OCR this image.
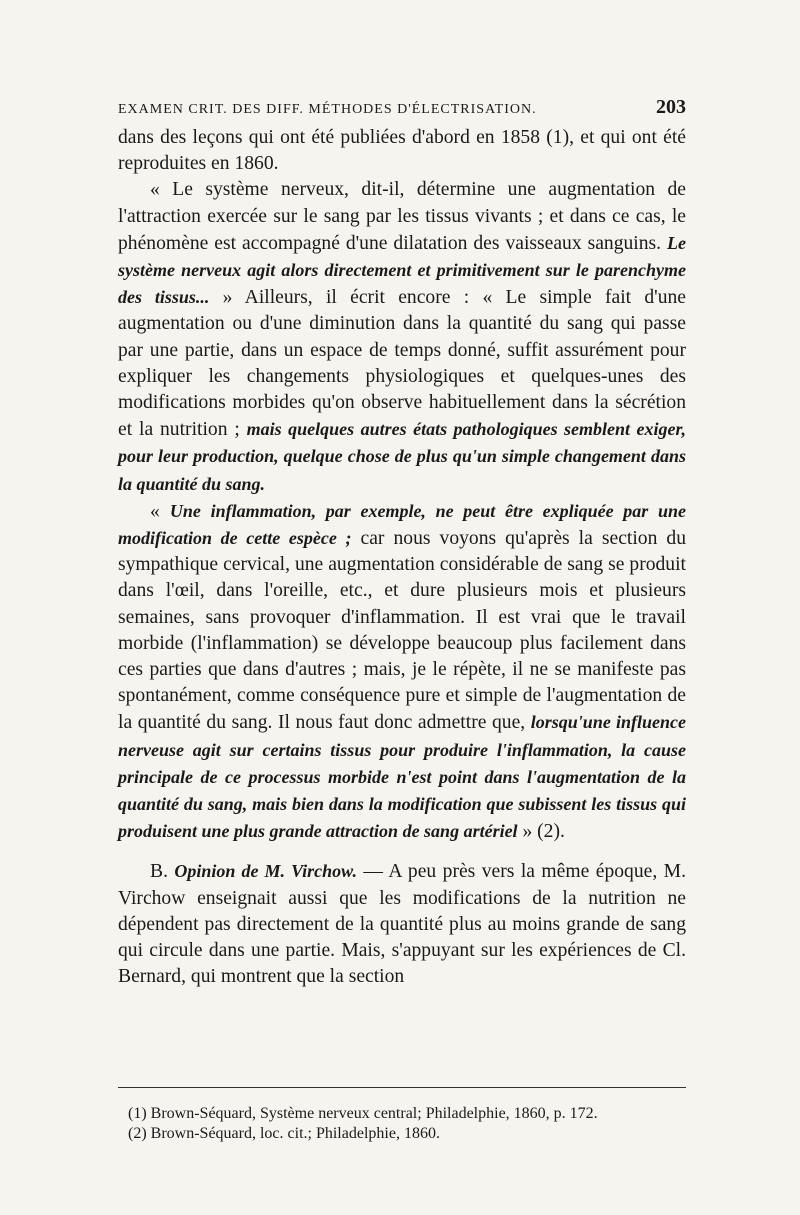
EXAMEN CRIT. DES DIFF. MÉTHODES D'ÉLECTRISATION.	203

dans des leçons qui ont été publiées d'abord en 1858 (1), et qui ont été reproduites en 1860.

« Le système nerveux, dit-il, détermine une augmentation de l'attraction exercée sur le sang par les tissus vivants ; et dans ce cas, le phénomène est accompagné d'une dilatation des vaisseaux sanguins. Le système nerveux agit alors directement et primitivement sur le parenchyme des tissus... » Ailleurs, il écrit encore : « Le simple fait d'une augmentation ou d'une diminution dans la quantité du sang qui passe par une partie, dans un espace de temps donné, suffit assurément pour expliquer les changements physiologiques et quelques-unes des modifications morbides qu'on observe habituellement dans la sécrétion et la nutrition ; mais quelques autres états pathologiques semblent exiger, pour leur production, quelque chose de plus qu'un simple changement dans la quantité du sang.

« Une inflammation, par exemple, ne peut être expliquée par une modification de cette espèce ; car nous voyons qu'après la section du sympathique cervical, une augmentation considérable de sang se produit dans l'œil, dans l'oreille, etc., et dure plusieurs mois et plusieurs semaines, sans provoquer d'inflammation. Il est vrai que le travail morbide (l'inflammation) se développe beaucoup plus facilement dans ces parties que dans d'autres ; mais, je le répète, il ne se manifeste pas spontanément, comme conséquence pure et simple de l'augmentation de la quantité du sang. Il nous faut donc admettre que, lorsqu'une influence nerveuse agit sur certains tissus pour produire l'inflammation, la cause principale de ce processus morbide n'est point dans l'augmentation de la quantité du sang, mais bien dans la modification que subissent les tissus qui produisent une plus grande attraction de sang artériel » (2).

B. Opinion de M. Virchow. — A peu près vers la même époque, M. Virchow enseignait aussi que les modifications de la nutrition ne dépendent pas directement de la quantité plus au moins grande de sang qui circule dans une partie. Mais, s'appuyant sur les expériences de Cl. Bernard, qui montrent que la section

(1) Brown-Séquard, Système nerveux central; Philadelphie, 1860, p. 172.
(2) Brown-Séquard, loc. cit.; Philadelphie, 1860.
